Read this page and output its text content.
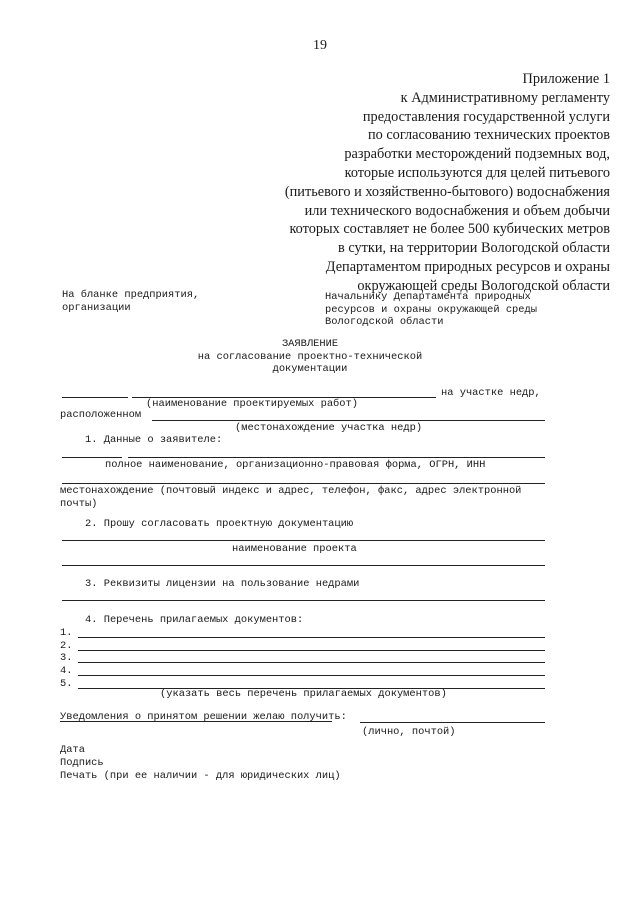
19
Приложение 1
к Административному регламенту
предоставления государственной услуги
по согласованию технических проектов
разработки месторождений подземных вод,
которые используются для целей питьевого
(питьевого и хозяйственно-бытового) водоснабжения
или технического водоснабжения и объем добычи
которых составляет не более 500 кубических метров
в сутки, на территории Вологодской области
Департаментом природных ресурсов и охраны
окружающей среды Вологодской области
На бланке предприятия,
организации
Начальнику Департамента природных
ресурсов и охраны окружающей среды
Вологодской области
ЗАЯВЛЕНИЕ
на согласование проектно-технической
документации
на участке недр,
(наименование проектируемых работ)
расположенном
(местонахождение участка недр)
1. Данные о заявителе:
полное наименование, организационно-правовая форма, ОГРН, ИНН
местонахождение (почтовый индекс и адрес, телефон, факс, адрес электронной
почты)
2. Прошу согласовать проектную документацию
наименование проекта
3. Реквизиты лицензии на пользование недрами
4. Перечень прилагаемых документов:
1.
2.
3.
4.
5.
(указать весь перечень прилагаемых документов)
Уведомления о принятом решении желаю получить:
(лично, почтой)
Дата
Подпись
Печать (при ее наличии - для юридических лиц)
